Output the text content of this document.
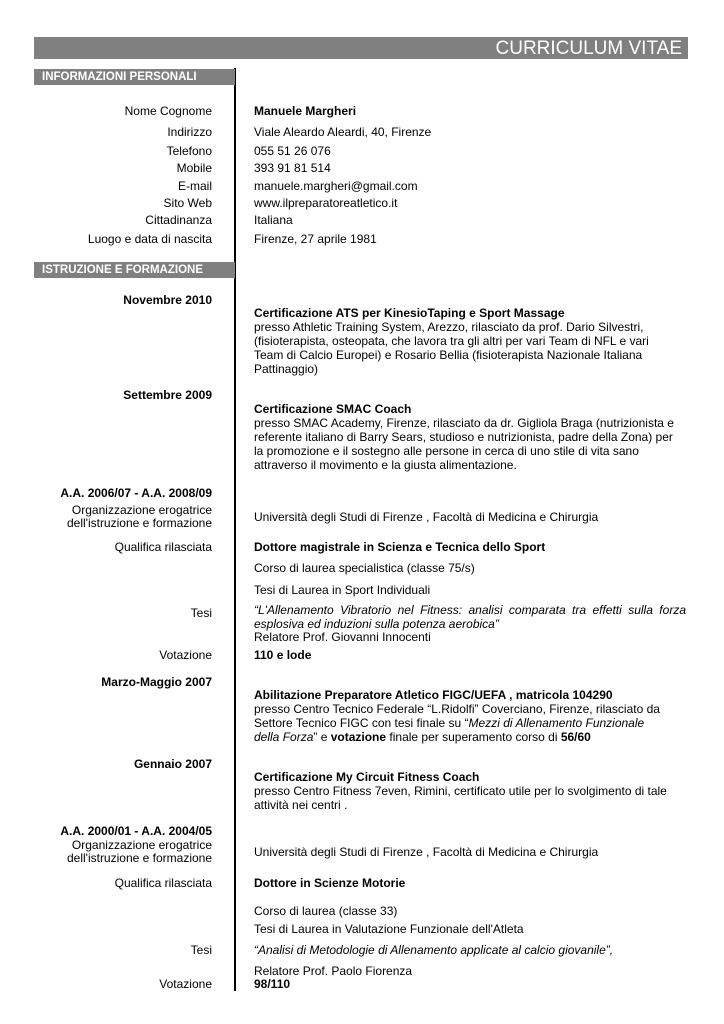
CURRICULUM VITAE
INFORMAZIONI PERSONALI
Nome Cognome	Manuele Margheri
Indirizzo	Viale Aleardo Aleardi, 40, Firenze
Telefono	055 51 26 076
Mobile	393 91 81 514
E-mail	manuele.margheri@gmail.com
Sito Web	www.ilpreparatoreatletico.it
Cittadinanza	Italiana
Luogo e data di nascita	Firenze, 27 aprile 1981
ISTRUZIONE E FORMAZIONE
Novembre 2010
Certificazione ATS per KinesioTaping e Sport Massage
presso Athletic Training System, Arezzo, rilasciato da prof. Dario Silvestri, (fisioterapista, osteopata, che lavora tra gli altri per vari Team di NFL e vari Team di Calcio Europei) e Rosario Bellia (fisioterapista Nazionale Italiana Pattinaggio)
Settembre 2009
Certificazione SMAC Coach
presso SMAC Academy, Firenze, rilasciato da dr. Gigliola Braga (nutrizionista e referente italiano di Barry Sears, studioso e nutrizionista, padre della Zona) per la promozione e il sostegno alle persone in cerca di uno stile di vita sano attraverso il movimento e la giusta alimentazione.
A.A. 2006/07 - A.A. 2008/09
Organizzazione erogatrice
dell'istruzione e formazione	Università degli Studi di Firenze , Facoltà di Medicina e Chirurgia
Qualifica rilasciata	Dottore magistrale in Scienza e Tecnica dello Sport
Corso di laurea specialistica (classe 75/s)
Tesi di Laurea in Sport Individuali
Tesi	“L'Allenamento Vibratorio nel Fitness: analisi comparata tra effetti sulla forza esplosiva ed induzioni sulla potenza aerobica”
Relatore Prof. Giovanni Innocenti
Votazione	110 e lode
Marzo-Maggio 2007
Abilitazione Preparatore Atletico FIGC/UEFA , matricola 104290
presso Centro Tecnico Federale “L.Ridolfi” Coverciano, Firenze, rilasciato da Settore Tecnico FIGC con tesi finale su “Mezzi di Allenamento Funzionale della Forza” e votazione finale per superamento corso di 56/60
Gennaio 2007
Certificazione My Circuit Fitness Coach
presso Centro Fitness 7even, Rimini, certificato utile per lo svolgimento di tale attività nei centri .
A.A. 2000/01 - A.A. 2004/05
Organizzazione erogatrice
dell'istruzione e formazione	Università degli Studi di Firenze , Facoltà di Medicina e Chirurgia
Qualifica rilasciata	Dottore in Scienze Motorie
Corso di laurea (classe 33)
Tesi di Laurea in Valutazione Funzionale dell'Atleta
Tesi	“Analisi di Metodologie di Allenamento applicate al calcio giovanile”,
Relatore Prof. Paolo Fiorenza
Votazione	98/110
